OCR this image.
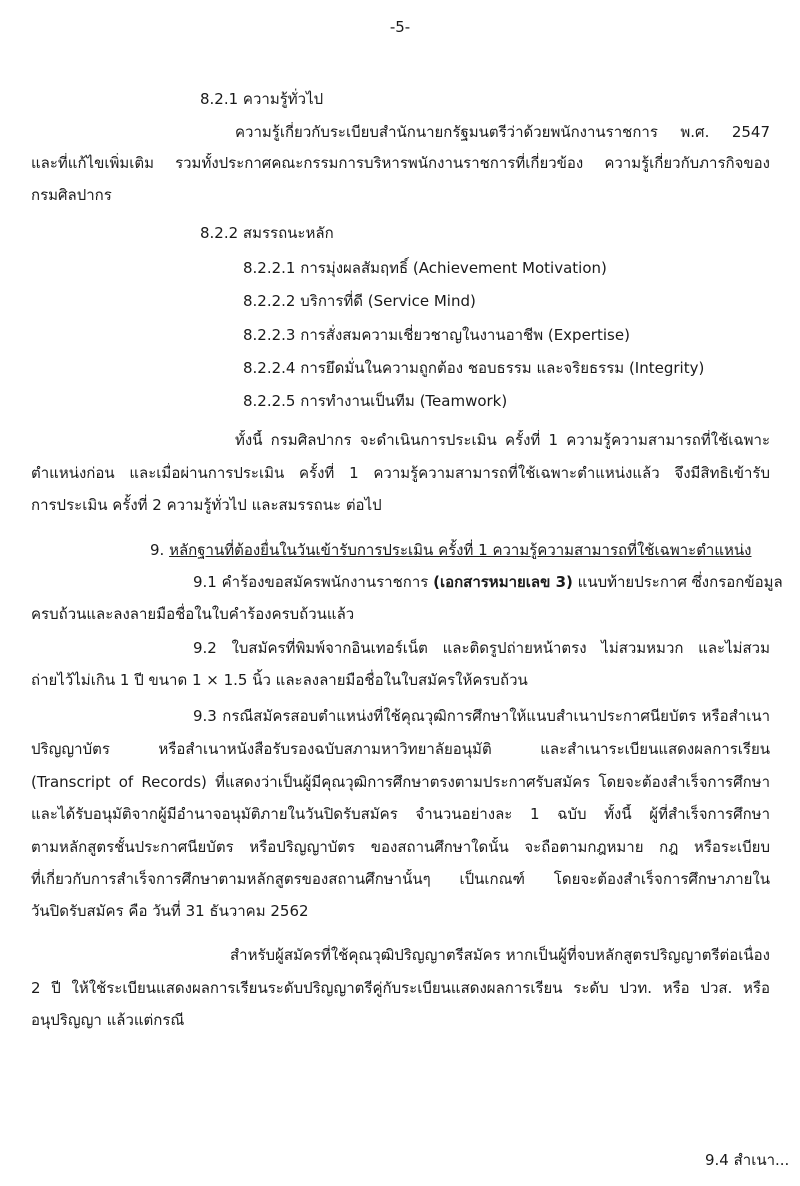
-5-
8.2.1 ความรู้ทั่วไป
ความรู้เกี่ยวกับระเบียบสำนักนายกรัฐมนตรีว่าด้วยพนักงานราชการ พ.ศ. 2547
และที่แก้ไขเพิ่มเติม รวมทั้งประกาศคณะกรรมการบริหารพนักงานราชการที่เกี่ยวข้อง ความรู้เกี่ยวกับภารกิจของ
กรมศิลปากร
8.2.2 สมรรถนะหลัก
8.2.2.1 การมุ่งผลสัมฤทธิ์ (Achievement Motivation)
8.2.2.2 บริการที่ดี (Service Mind)
8.2.2.3 การสั่งสมความเชี่ยวชาญในงานอาชีพ (Expertise)
8.2.2.4 การยึดมั่นในความถูกต้อง ชอบธรรม และจริยธรรม (Integrity)
8.2.2.5 การทำงานเป็นทีม (Teamwork)
ทั้งนี้ กรมศิลปากร จะดำเนินการประเมิน ครั้งที่ 1 ความรู้ความสามารถที่ใช้เฉพาะ
ตำแหน่งก่อน และเมื่อผ่านการประเมิน ครั้งที่ 1 ความรู้ความสามารถที่ใช้เฉพาะตำแหน่งแล้ว จึงมีสิทธิเข้ารับ
การประเมิน ครั้งที่ 2 ความรู้ทั่วไป และสมรรถนะ ต่อไป
9. หลักฐานที่ต้องยื่นในวันเข้ารับการประเมิน ครั้งที่ 1 ความรู้ความสามารถที่ใช้เฉพาะตำแหน่ง
9.1 คำร้องขอสมัครพนักงานราชการ (เอกสารหมายเลข 3) แนบท้ายประกาศ ซึ่งกรอกข้อมูล
ครบถ้วนและลงลายมือชื่อในใบคำร้องครบถ้วนแล้ว
9.2 ใบสมัครที่พิมพ์จากอินเทอร์เน็ต และติดรูปถ่ายหน้าตรง ไม่สวมหมวก และไม่สวม
ถ่ายไว้ไม่เกิน 1 ปี ขนาด 1 × 1.5 นิ้ว และลงลายมือชื่อในใบสมัครให้ครบถ้วน
9.3 กรณีสมัครสอบตำแหน่งที่ใช้คุณวุฒิการศึกษาให้แนบสำเนาประกาศนียบัตร หรือสำเนา
ปริญญาบัตร หรือสำเนาหนังสือรับรองฉบับสภามหาวิทยาลัยอนุมัติ และสำเนาระเบียนแสดงผลการเรียน
(Transcript of Records) ที่แสดงว่าเป็นผู้มีคุณวุฒิการศึกษาตรงตามประกาศรับสมัคร โดยจะต้องสำเร็จการศึกษา
และได้รับอนุมัติจากผู้มีอำนาจอนุมัติภายในวันปิดรับสมัคร จำนวนอย่างละ 1 ฉบับ ทั้งนี้ ผู้ที่สำเร็จการศึกษา
ตามหลักสูตรชั้นประกาศนียบัตร หรือปริญญาบัตร ของสถานศึกษาใดนั้น จะถือตามกฎหมาย กฎ หรือระเบียบ
ที่เกี่ยวกับการสำเร็จการศึกษาตามหลักสูตรของสถานศึกษานั้นๆ เป็นเกณฑ์ โดยจะต้องสำเร็จการศึกษาภายใน
วันปิดรับสมัคร คือ วันที่ 31 ธันวาคม 2562
สำหรับผู้สมัครที่ใช้คุณวุฒิปริญญาตรีสมัคร หากเป็นผู้ที่จบหลักสูตรปริญญาตรีต่อเนื่อง
2 ปี ให้ใช้ระเบียนแสดงผลการเรียนระดับปริญญาตรีคู่กับระเบียนแสดงผลการเรียน ระดับ ปวท. หรือ ปวส. หรือ
อนุปริญญา แล้วแต่กรณี
9.4 สำเนา...
